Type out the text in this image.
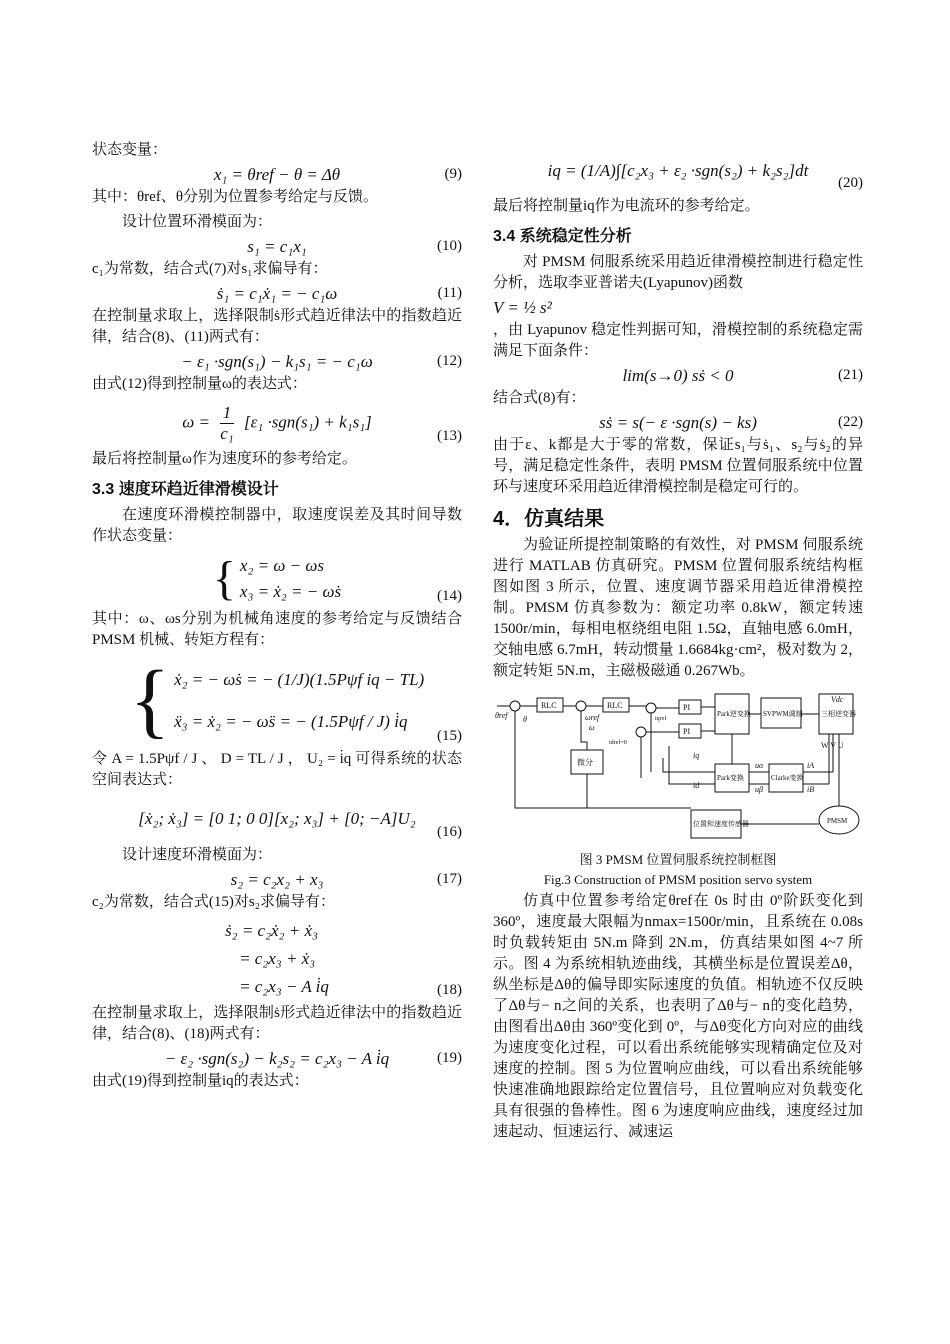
状态变量：

x₁ = θref − θ = Δθ	(9)

其中：θref、θ分别为位置参考给定与反馈。

设计位置环滑模面为：

s₁ = c₁x₁	(10)

c₁为常数，结合式(7)对s₁求偏导有：

ṡ₁ = c₁ẋ₁ = − c₁ω	(11)

在控制量求取上，选择限制ṡ形式趋近律法中的指数趋近律，结合(8)、(11)两式有：

− ε₁ ·sgn(s₁) − k₁s₁ = − c₁ω	(12)

由式(12)得到控制量ω的表达式：

$\omega = \frac{1}{\text{c₁}} [\varepsilon_1 \cdot sgn(s_1) + k_1s_1]$
(13)

最后将控制量ω作为速度环的参考给定。

3.3 速度环趋近律滑模设计

在速度环滑模控制器中，取速度误差及其时间导数作状态变量：

{ x₂ = ω − ωs
x₃ = ẋ₂ = − ω̇s	(14)

其中：ω、ωs分别为机械角速度的参考给定与反馈结合 PMSM 机械、转矩方程有：

{ ẋ₂ = − ω̇s = − (1/J)(1.5Pψf iq − TL)
ẍ₃ = ẋ₂ = − ω̈s = − (1.5Pψf / J) i̇q
(15)

令 A = 1.5Pψf / J 、 D = TL / J ， U₂ = i̇q 可得系统的状态空间表达式：

[ẋ₂; ẋ₃] = [0 1; 0 0][x₂; x₃] + [0; −A]U₂
(16)

设计速度环滑模面为：

s₂ = c₂x₂ + x₃	(17)

c₂为常数，结合式(15)对s₂求偏导有：

ṡ₂ = c₂ẋ₂ + ẋ₃
= c₂x₃ + ẋ₃
= c₂x₃ − A i̇q	(18)

在控制量求取上，选择限制ṡ形式趋近律法中的指数趋近律，结合(8)、(18)两式有：

− ε₂ ·sgn(s₂) − k₂s₂ = c₂x₃ − A i̇q	(19)

由式(19)得到控制量iq的表达式：

iq = (1/A)∫[c₂x₃ + ε₂ ·sgn(s₂) + k₂s₂]dt
(20)

最后将控制量iq作为电流环的参考给定。

3.4 系统稳定性分析

对 PMSM 伺服系统采用趋近律滑模控制进行稳定性分析，选取李亚普诺夫(Lyapunov)函数

V = ½ s²

，由 Lyapunov 稳定性判据可知，滑模控制的系统稳定需满足下面条件：

lim(s→0) sṡ < 0	(21)

结合式(8)有：

sṡ = s(− ε ·sgn(s) − ks)	(22)

由于ε、k都是大于零的常数，保证s₁与ṡ₁、s₂与ṡ₂的异号，满足稳定性条件，表明 PMSM 位置伺服系统中位置环与速度环采用趋近律滑模控制是稳定可行的。

4．仿真结果

为验证所提控制策略的有效性，对 PMSM 伺服系统进行 MATLAB 仿真研究。PMSM 位置伺服系统结构框图如图 3 所示，位置、速度调节器采用趋近律滑模控制。PMSM 仿真参数为：额定功率 0.8kW，额定转速 1500r/min，每相电枢绕组电阻 1.5Ω，直轴电感 6.0mH，交轴电感 6.7mH，转动惯量 1.6684kg·cm²，极对数为 2，额定转矩 5N.m，主磁极磁通 0.267Wb。

RLC	RLC	PI
PI
Park逆变换 SVPWM调制	三相逆变器
微分
Park变换	Clarke变换
位置和速度传感器	PMSM
θref θ	ωref
ω
iqref
idref=0
iq
id
uα
uβ
iA
iB
Vdc
W V U
图 3 PMSM 位置伺服系统控制框图
Fig.3 Construction of PMSM position servo system

仿真中位置参考给定θref在 0s 时由 0º阶跃变化到 360º，速度最大限幅为nmax=1500r/min，且系统在 0.08s 时负载转矩由 5N.m 降到 2N.m，仿真结果如图 4~7 所示。图 4 为系统相轨迹曲线，其横坐标是位置误差Δθ，纵坐标是Δθ的偏导即实际速度的负值。相轨迹不仅反映了Δθ与− n之间的关系，也表明了Δθ与− n的变化趋势，由图看出Δθ由 360º变化到 0º，与Δθ变化方向对应的曲线为速度变化过程，可以看出系统能够实现精确定位及对速度的控制。图 5 为位置响应曲线，可以看出系统能够快速准确地跟踪给定位置信号，且位置响应对负载变化具有很强的鲁棒性。图 6 为速度响应曲线，速度经过加速起动、恒速运行、减速运
